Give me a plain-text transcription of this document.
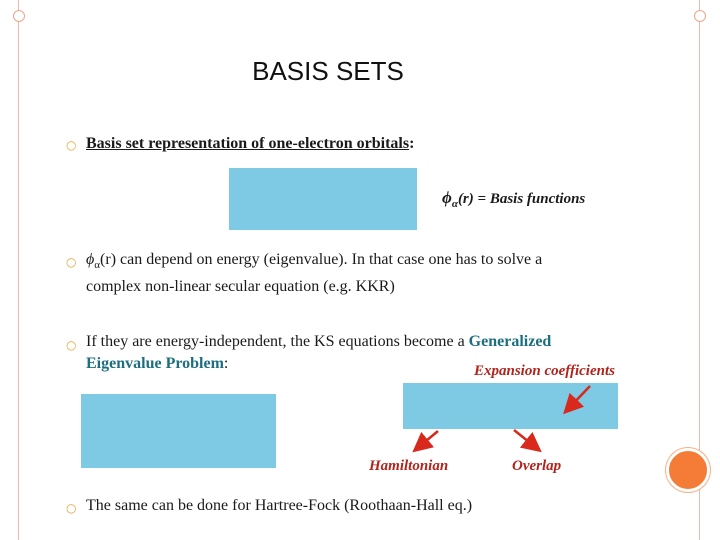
BASIS SETS
○ Basis set representation of one-electron orbitals:
$\phi_\alpha(r)$ = Basis functions
○ $\phi_\alpha(r)$ can depend on energy (eigenvalue). In that case one has to solve a
complex non-linear secular equation (e.g. KKR)
○ If they are energy-independent, the KS equations become a Generalized
Eigenvalue Problem:	Expansion coefficients
Hamiltonian	Overlap
○ The same can be done for Hartree-Fock (Roothaan-Hall eq.)
